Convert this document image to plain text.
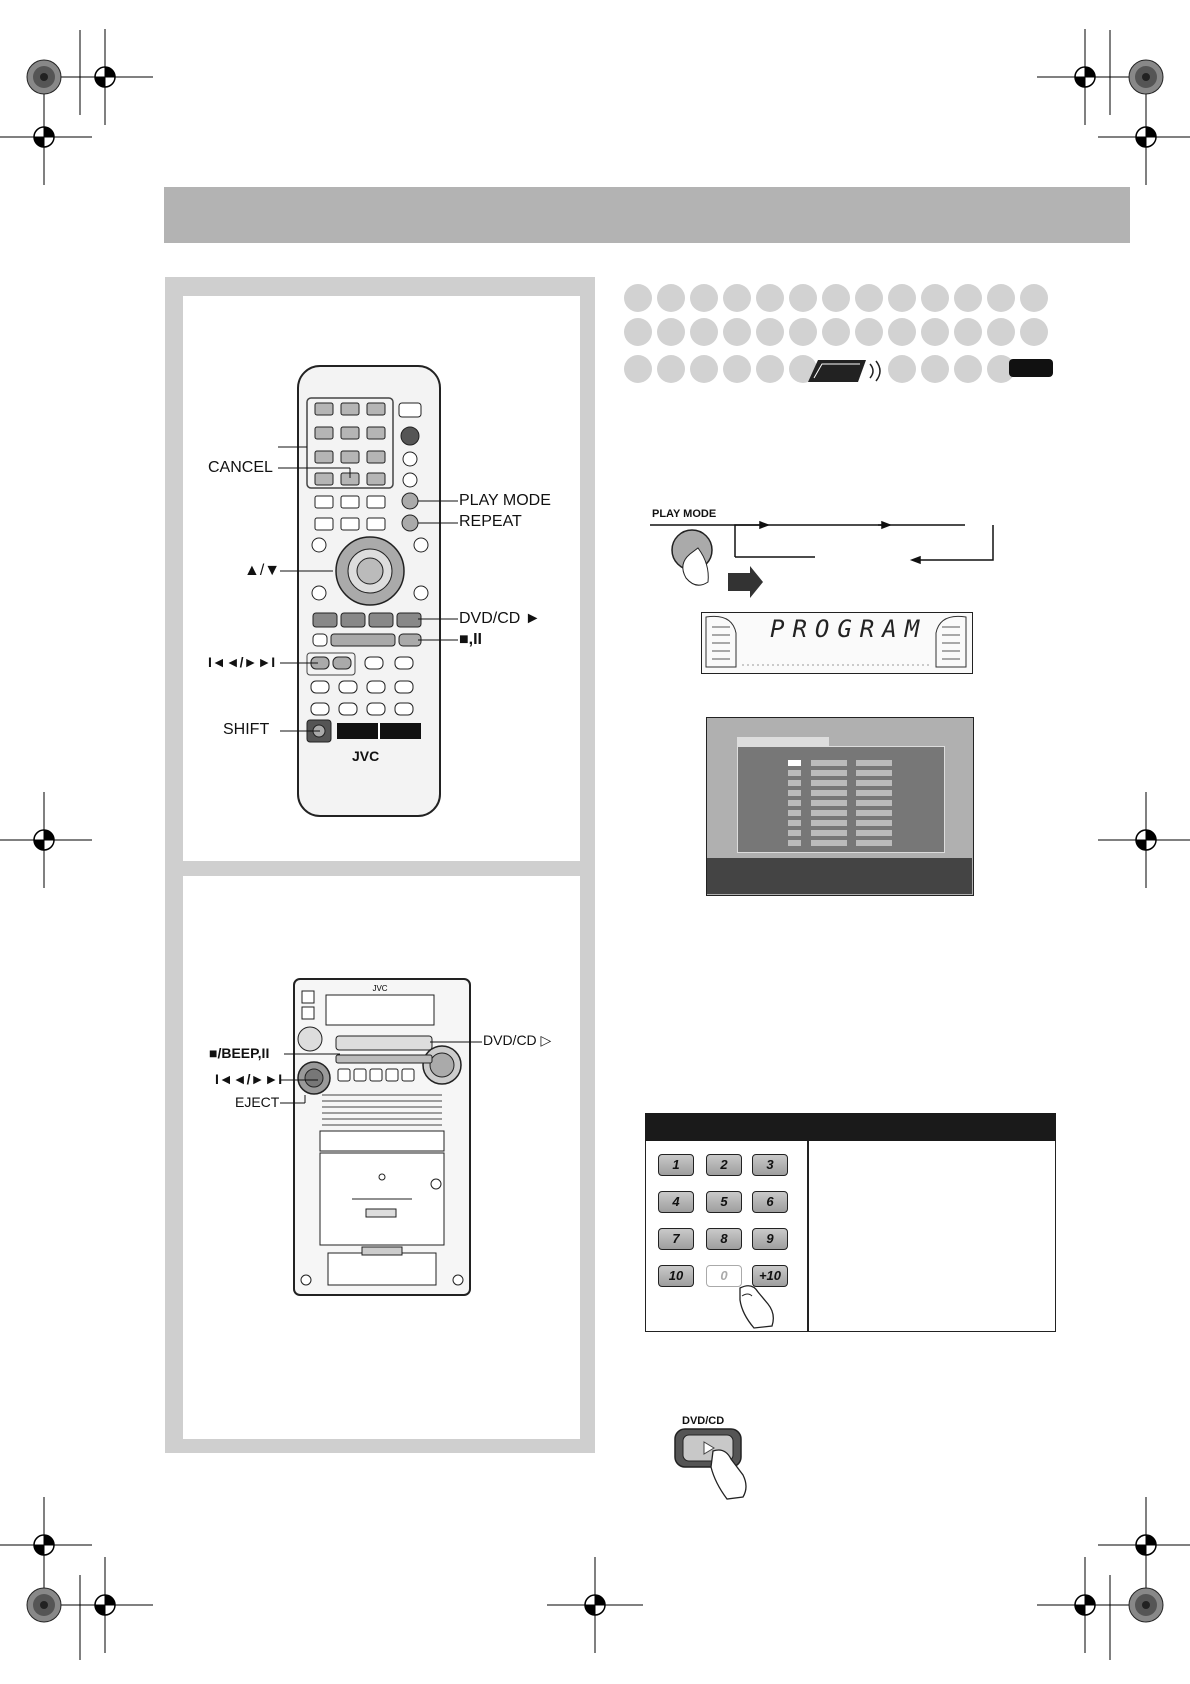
JVC
CANCEL
PLAY MODE
REPEAT
▲/▼
DVD/CD ►
■,II
I◄◄/►►I
SHIFT
JVC
■/BEEP,II
I◄◄/►►I
EJECT
DVD/CD ▷
PLAY MODE
PROGRAM
1	2	3
4	5	6
7	8	9
10	0	+10
DVD/CD
